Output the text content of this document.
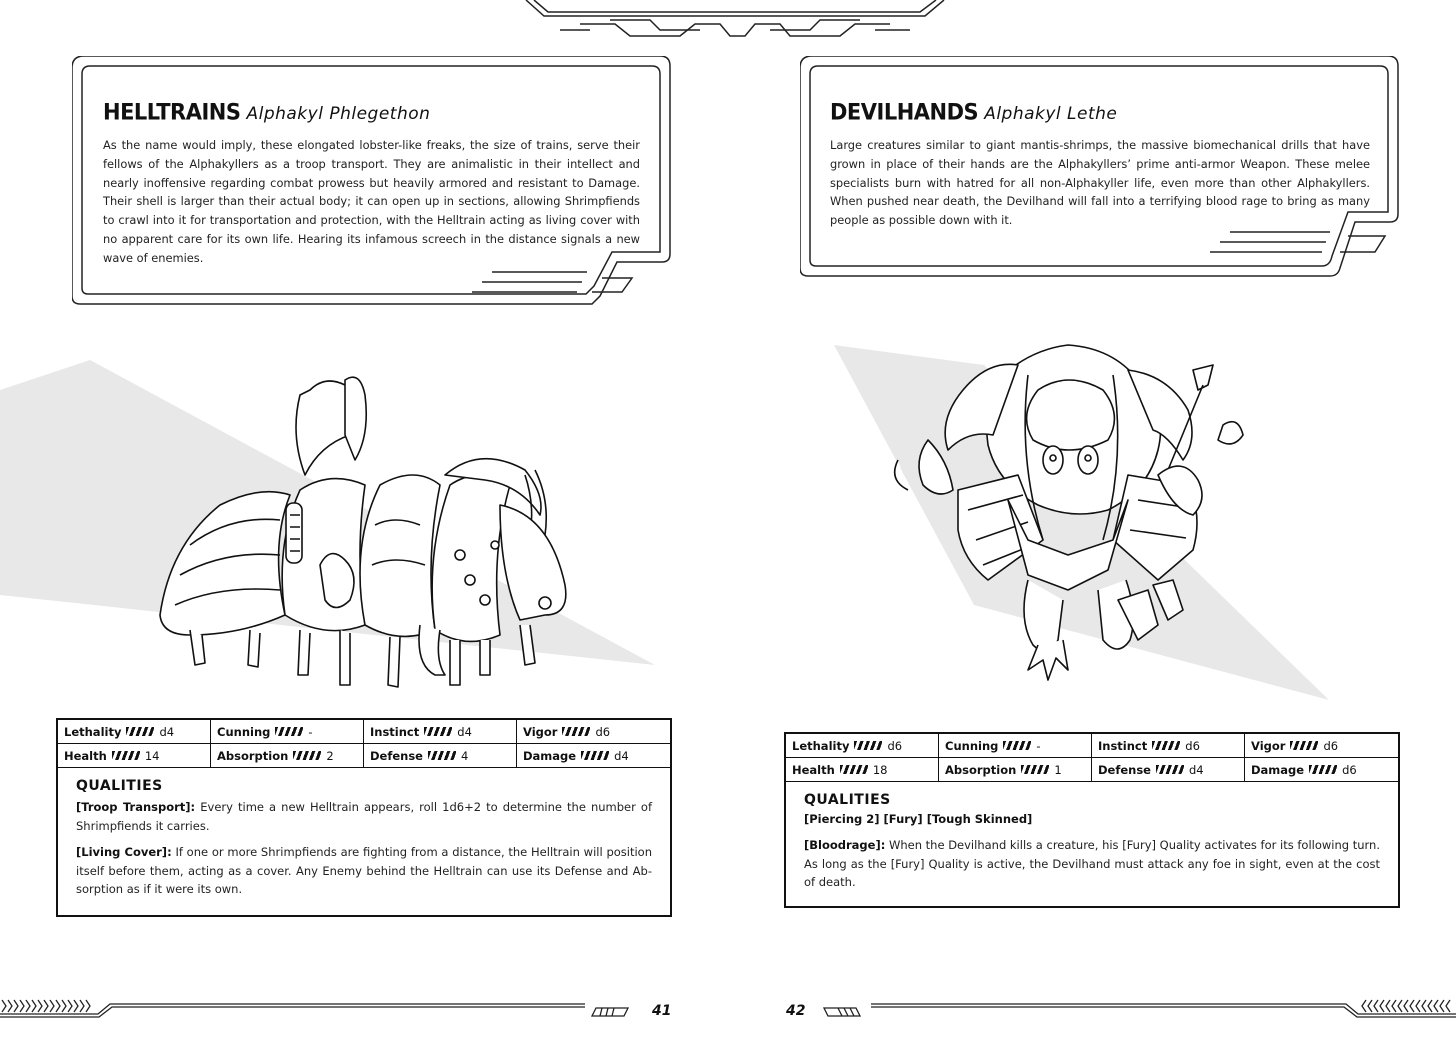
HELLTRAINS Alphakyl Phlegethon

As the name would imply, these elongated lobster-like freaks, the size of trains, serve their fellows of the Alphakyllers as a troop transport. They are animalistic in their intellect and nearly inoffensive regarding combat prowess but heavily armored and resistant to Damage. Their shell is larger than their actual body; it can open up in sections, allowing Shrimpfiends to crawl into it for transportation and protection, with the Helltrain acting as living cover with no apparent care for its own life. Hearing its infamous screech in the distance signals a new wave of enemies.

Lethality	d4	Cunning	-	Instinct	d4	Vigor	d6
Health	14	Absorption	2	Defense	4	Damage	d4
QUALITIES

[Troop Transport]: Every time a new Helltrain appears, roll 1d6+2 to determine the number of Shrimpfiends it carries.

[Living Cover]: If one or more Shrimpfiends are fighting from a distance, the Helltrain will position itself before them, acting as a cover. Any Enemy behind the Helltrain can use its Defense and Ab-sorption as if it were its own.

41
DEVILHANDS Alphakyl Lethe

Large creatures similar to giant mantis-shrimps, the massive biomechanical drills that have grown in place of their hands are the Alphakyllers’ prime anti-armor Weapon. These melee specialists burn with hatred for all non-Alphakyller life, even more than other Alphakyllers. When pushed near death, the Devilhand will fall into a terrifying blood rage to bring as many people as possible down with it.

Lethality	d6	Cunning	-	Instinct	d6	Vigor	d6
Health	18	Absorption	1	Defense	d4	Damage	d6
QUALITIES
[Piercing 2] [Fury] [Tough Skinned]

[Bloodrage]: When the Devilhand kills a creature, his [Fury] Quality activates for its following turn. As long as the [Fury] Quality is active, the Devilhand must attack any foe in sight, even at the cost of death.

42
